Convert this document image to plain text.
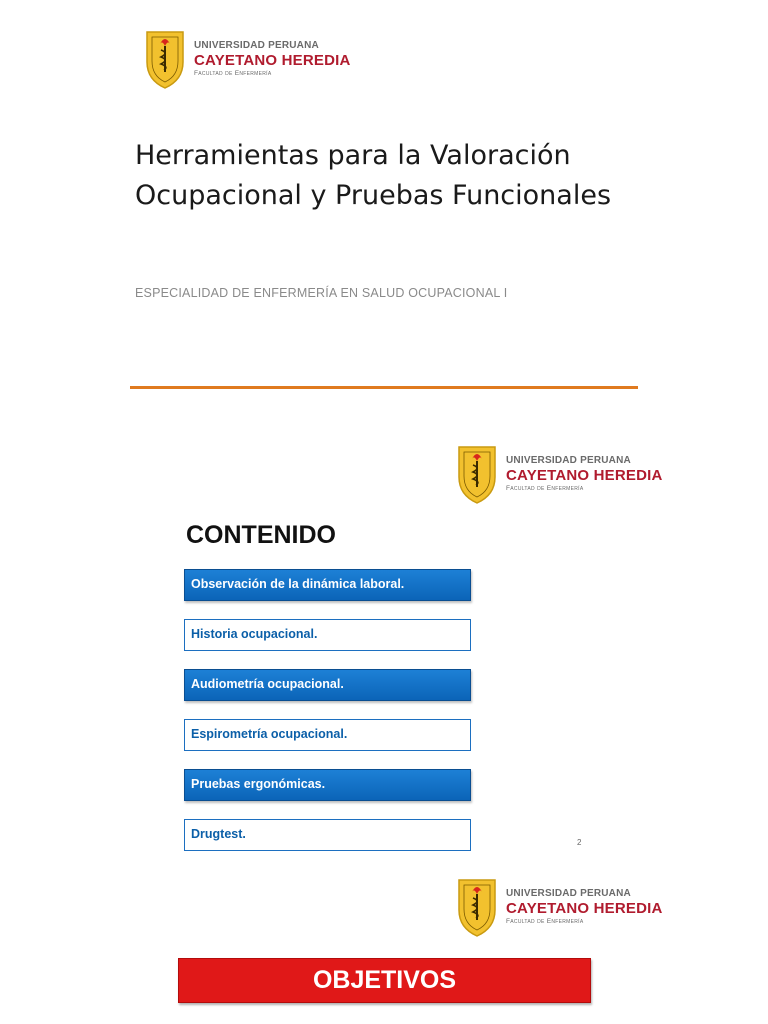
UNIVERSIDAD PERUANA
CAYETANO HEREDIA
Facultad de Enfermería
Herramientas para la Valoración
Ocupacional y Pruebas Funcionales
ESPECIALIDAD DE ENFERMERÍA EN SALUD OCUPACIONAL I
UNIVERSIDAD PERUANA
CAYETANO HEREDIA
Facultad de Enfermería
CONTENIDO
Observación de la dinámica laboral.
Historia ocupacional.
Audiometría ocupacional.
Espirometría ocupacional.
Pruebas ergonómicas.
Drugtest.
2
UNIVERSIDAD PERUANA
CAYETANO HEREDIA
Facultad de Enfermería
OBJETIVOS
